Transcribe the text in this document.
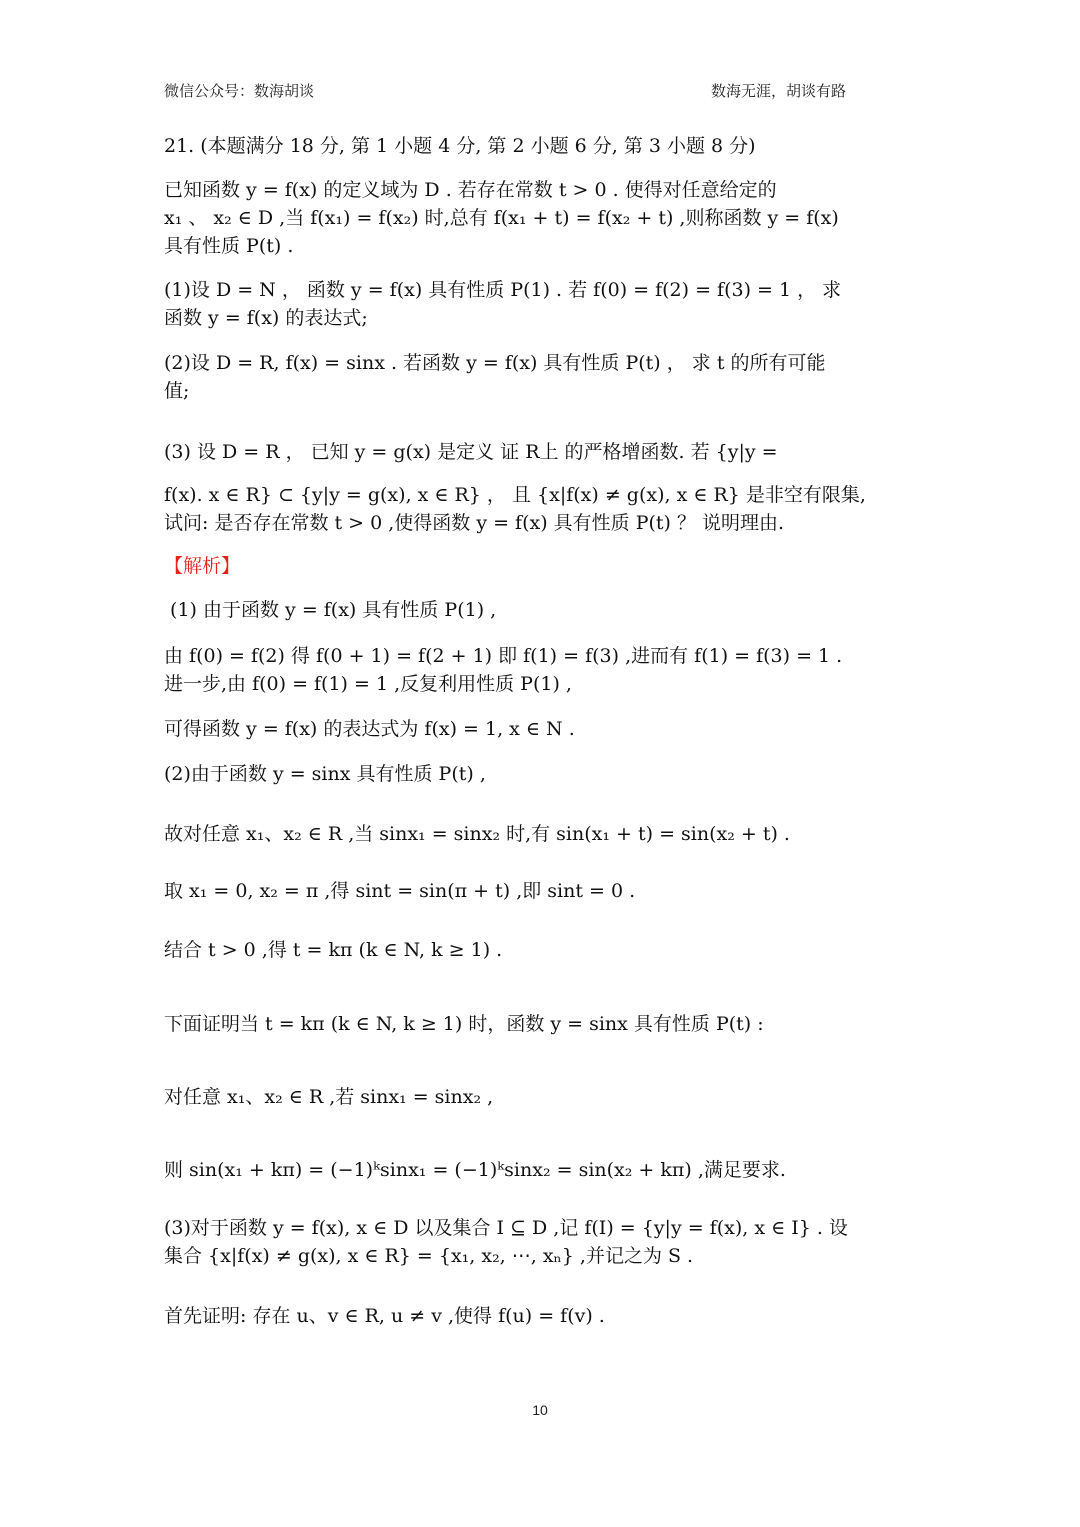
微信公众号：数海胡谈	数海无涯，胡谈有路

21. (本题满分 18 分, 第 1 小题 4 分, 第 2 小题 6 分, 第 3 小题 8 分)

已知函数 y = f(x) 的定义域为 D . 若存在常数 t > 0 . 使得对任意给定的
x₁ 、 x₂ ∈ D ,当 f(x₁) = f(x₂) 时,总有 f(x₁ + t) = f(x₂ + t) ,则称函数 y = f(x)
具有性质 P(t) .

(1)设 D = N ， 函数 y = f(x) 具有性质 P(1) . 若 f(0) = f(2) = f(3) = 1 ， 求
函数 y = f(x) 的表达式;

(2)设 D = R, f(x) = sinx . 若函数 y = f(x) 具有性质 P(t) ， 求 t 的所有可能
值;

(3) 设 D = R ， 已知 y = g(x) 是定义 证 R上 的严格增函数. 若 {y|y =

f(x). x ∈ R} ⊂ {y|y = g(x), x ∈ R} ， 且 {x|f(x) ≠ g(x), x ∈ R} 是非空有限集,
试问: 是否存在常数 t > 0 ,使得函数 y = f(x) 具有性质 P(t) ？ 说明理由.

【解析】

(1) 由于函数 y = f(x) 具有性质 P(1) ,

由 f(0) = f(2) 得 f(0 + 1) = f(2 + 1) 即 f(1) = f(3) ,进而有 f(1) = f(3) = 1 .
进一步,由 f(0) = f(1) = 1 ,反复利用性质 P(1) ,

可得函数 y = f(x) 的表达式为 f(x) = 1, x ∈ N .

(2)由于函数 y = sinx 具有性质 P(t) ,

故对任意 x₁、x₂ ∈ R ,当 sinx₁ = sinx₂ 时,有 sin(x₁ + t) = sin(x₂ + t) .

取 x₁ = 0, x₂ = π ,得 sint = sin(π + t) ,即 sint = 0 .

结合 t > 0 ,得 t = kπ (k ∈ N, k ≥ 1) .

下面证明当 t = kπ (k ∈ N, k ≥ 1) 时，函数 y = sinx 具有性质 P(t) :

对任意 x₁、x₂ ∈ R ,若 sinx₁ = sinx₂ ,

则 sin(x₁ + kπ) = (−1)ᵏsinx₁ = (−1)ᵏsinx₂ = sin(x₂ + kπ) ,满足要求.

(3)对于函数 y = f(x), x ∈ D 以及集合 I ⊆ D ,记 f(I) = {y|y = f(x), x ∈ I} . 设
集合 {x|f(x) ≠ g(x), x ∈ R} = {x₁, x₂, ⋯, xₙ} ,并记之为 S .

首先证明: 存在 u、v ∈ R, u ≠ v ,使得 f(u) = f(v) .

10
